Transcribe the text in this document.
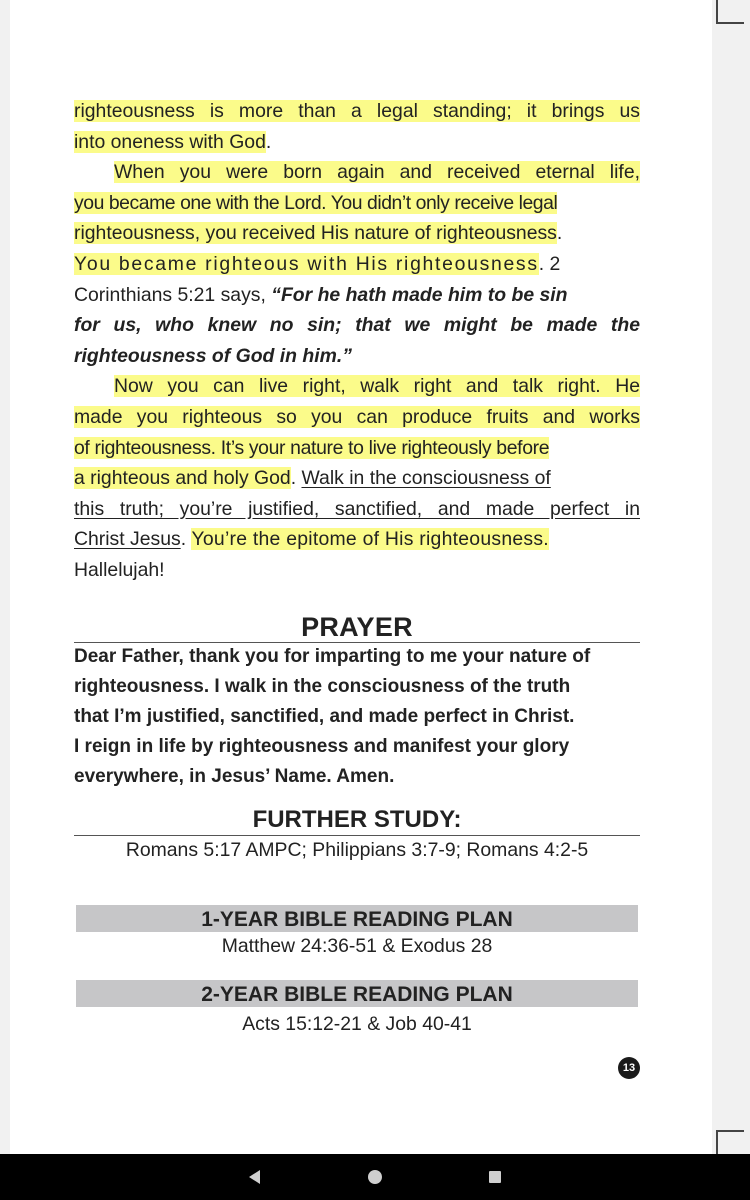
righteousness is more than a legal standing; it brings us
into oneness with God.
When you were born again and received eternal life,
you became one with the Lord. You didn’t only receive legal
righteousness, you received His nature of righteousness.
You became righteous with His righteousness. 2
Corinthians 5:21 says, “For he hath made him to be sin
for us, who knew no sin; that we might be made the
righteousness of God in him.”
Now you can live right, walk right and talk right. He
made you righteous so you can produce fruits and works
of righteousness. It’s your nature to live righteously before
a righteous and holy God. Walk in the consciousness of
this truth; you’re justified, sanctified, and made perfect in
Christ Jesus. You’re the epitome of His righteousness.
Hallelujah!
PRAYER
Dear Father, thank you for imparting to me your nature of
righteousness. I walk in the consciousness of the truth
that I’m justified, sanctified, and made perfect in Christ.
I reign in life by righteousness and manifest your glory
everywhere, in Jesus’ Name. Amen.
FURTHER STUDY:
Romans 5:17 AMPC; Philippians 3:7-9; Romans 4:2-5
1-YEAR BIBLE READING PLAN
Matthew 24:36-51 & Exodus 28
2-YEAR BIBLE READING PLAN
Acts 15:12-21 & Job 40-41
13
